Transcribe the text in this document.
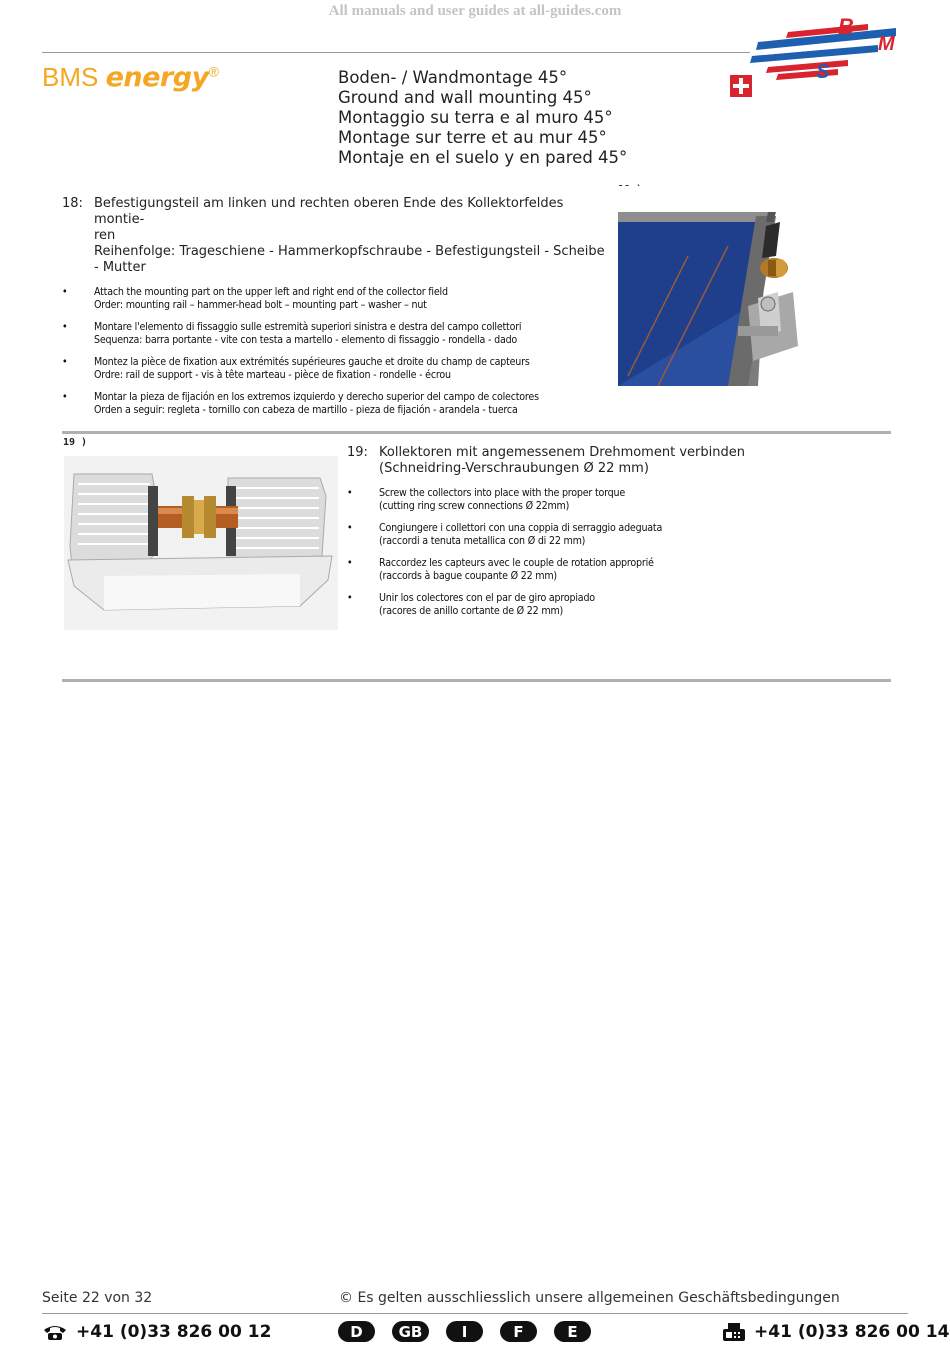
All manuals and user guides at all-guides.com
BMS energy®	Boden- / Wandmontage 45°
Ground and wall mounting 45°
Montaggio su terra e al muro 45°
Montage sur terre et au mur 45°
Montaje en el suelo y en pared 45°
B
M
S
18: Befestigungsteil am linken und rechten oberen Ende des Kollektorfeldes montie-
ren
Reihenfolge: Trageschiene - Hammerkopfschraube - Befestigungsteil - Scheibe
- Mutter
•	Attach the mounting part on the upper left and right end of the collector field
Order: mounting rail – hammer-head bolt – mounting part – washer – nut
•	Montare l'elemento di fissaggio sulle estremità superiori sinistra e destra del campo collettori
Sequenza: barra portante - vite con testa a martello - elemento di fissaggio - rondella - dado
•	Montez la pièce de fixation aux extrémités supérieures gauche et droite du champ de capteurs
Ordre: rail de support - vis à tête marteau - pièce de fixation - rondelle - écrou
•	Montar la pieza de fijación en los extremos izquierdo y derecho superior del campo de colectores
Orden a seguir: regleta - tornillo con cabeza de martillo - pieza de fijación - arandela - tuerca
19 )
19: Kollektoren mit angemessenem Drehmoment verbinden
(Schneidring-Verschraubungen Ø 22 mm)
•	Screw the collectors into place with the proper torque
(cutting ring screw connections Ø 22mm)
•	Congiungere i collettori con una coppia di serraggio adeguata
(raccordi a tenuta metallica con Ø di 22 mm)
•	Raccordez les capteurs avec le couple de rotation approprié
(raccords à bague coupante Ø 22 mm)
•	Unir los colectores con el par de giro apropiado
(racores de anillo cortante de Ø 22 mm)
Seite 22 von 32	© Es gelten ausschliesslich unsere allgemeinen Geschäftsbedingungen
+41 (0)33 826 00 12	D	GB	I	F	E	+41 (0)33 826 00 14
